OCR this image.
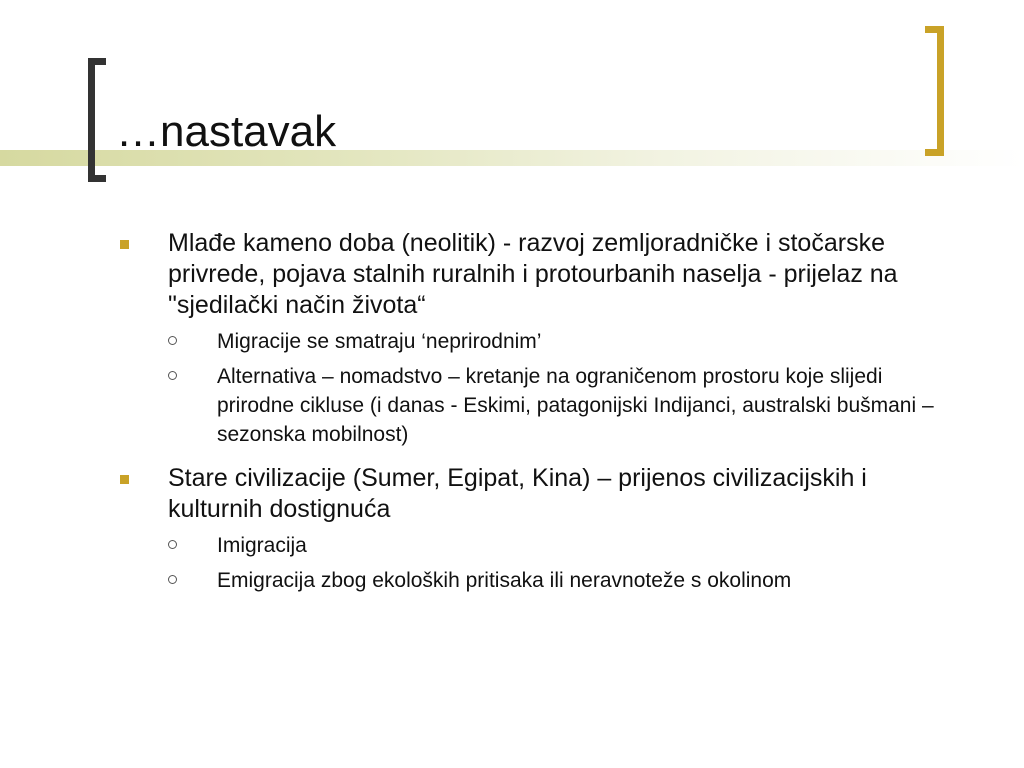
…nastavak
Mlađe kameno doba (neolitik) - razvoj zemljoradničke i stočarske privrede, pojava stalnih ruralnih i protourbanih naselja - prijelaz na "sjedilački način života“
Migracije se smatraju ‘neprirodnim’
Alternativa – nomadstvo – kretanje na ograničenom prostoru koje slijedi prirodne cikluse (i danas - Eskimi, patagonijski Indijanci, australski bušmani – sezonska mobilnost)
Stare civilizacije (Sumer, Egipat, Kina) – prijenos civilizacijskih i kulturnih dostignuća
Imigracija
Emigracija zbog ekoloških pritisaka ili neravnoteže s okolinom
